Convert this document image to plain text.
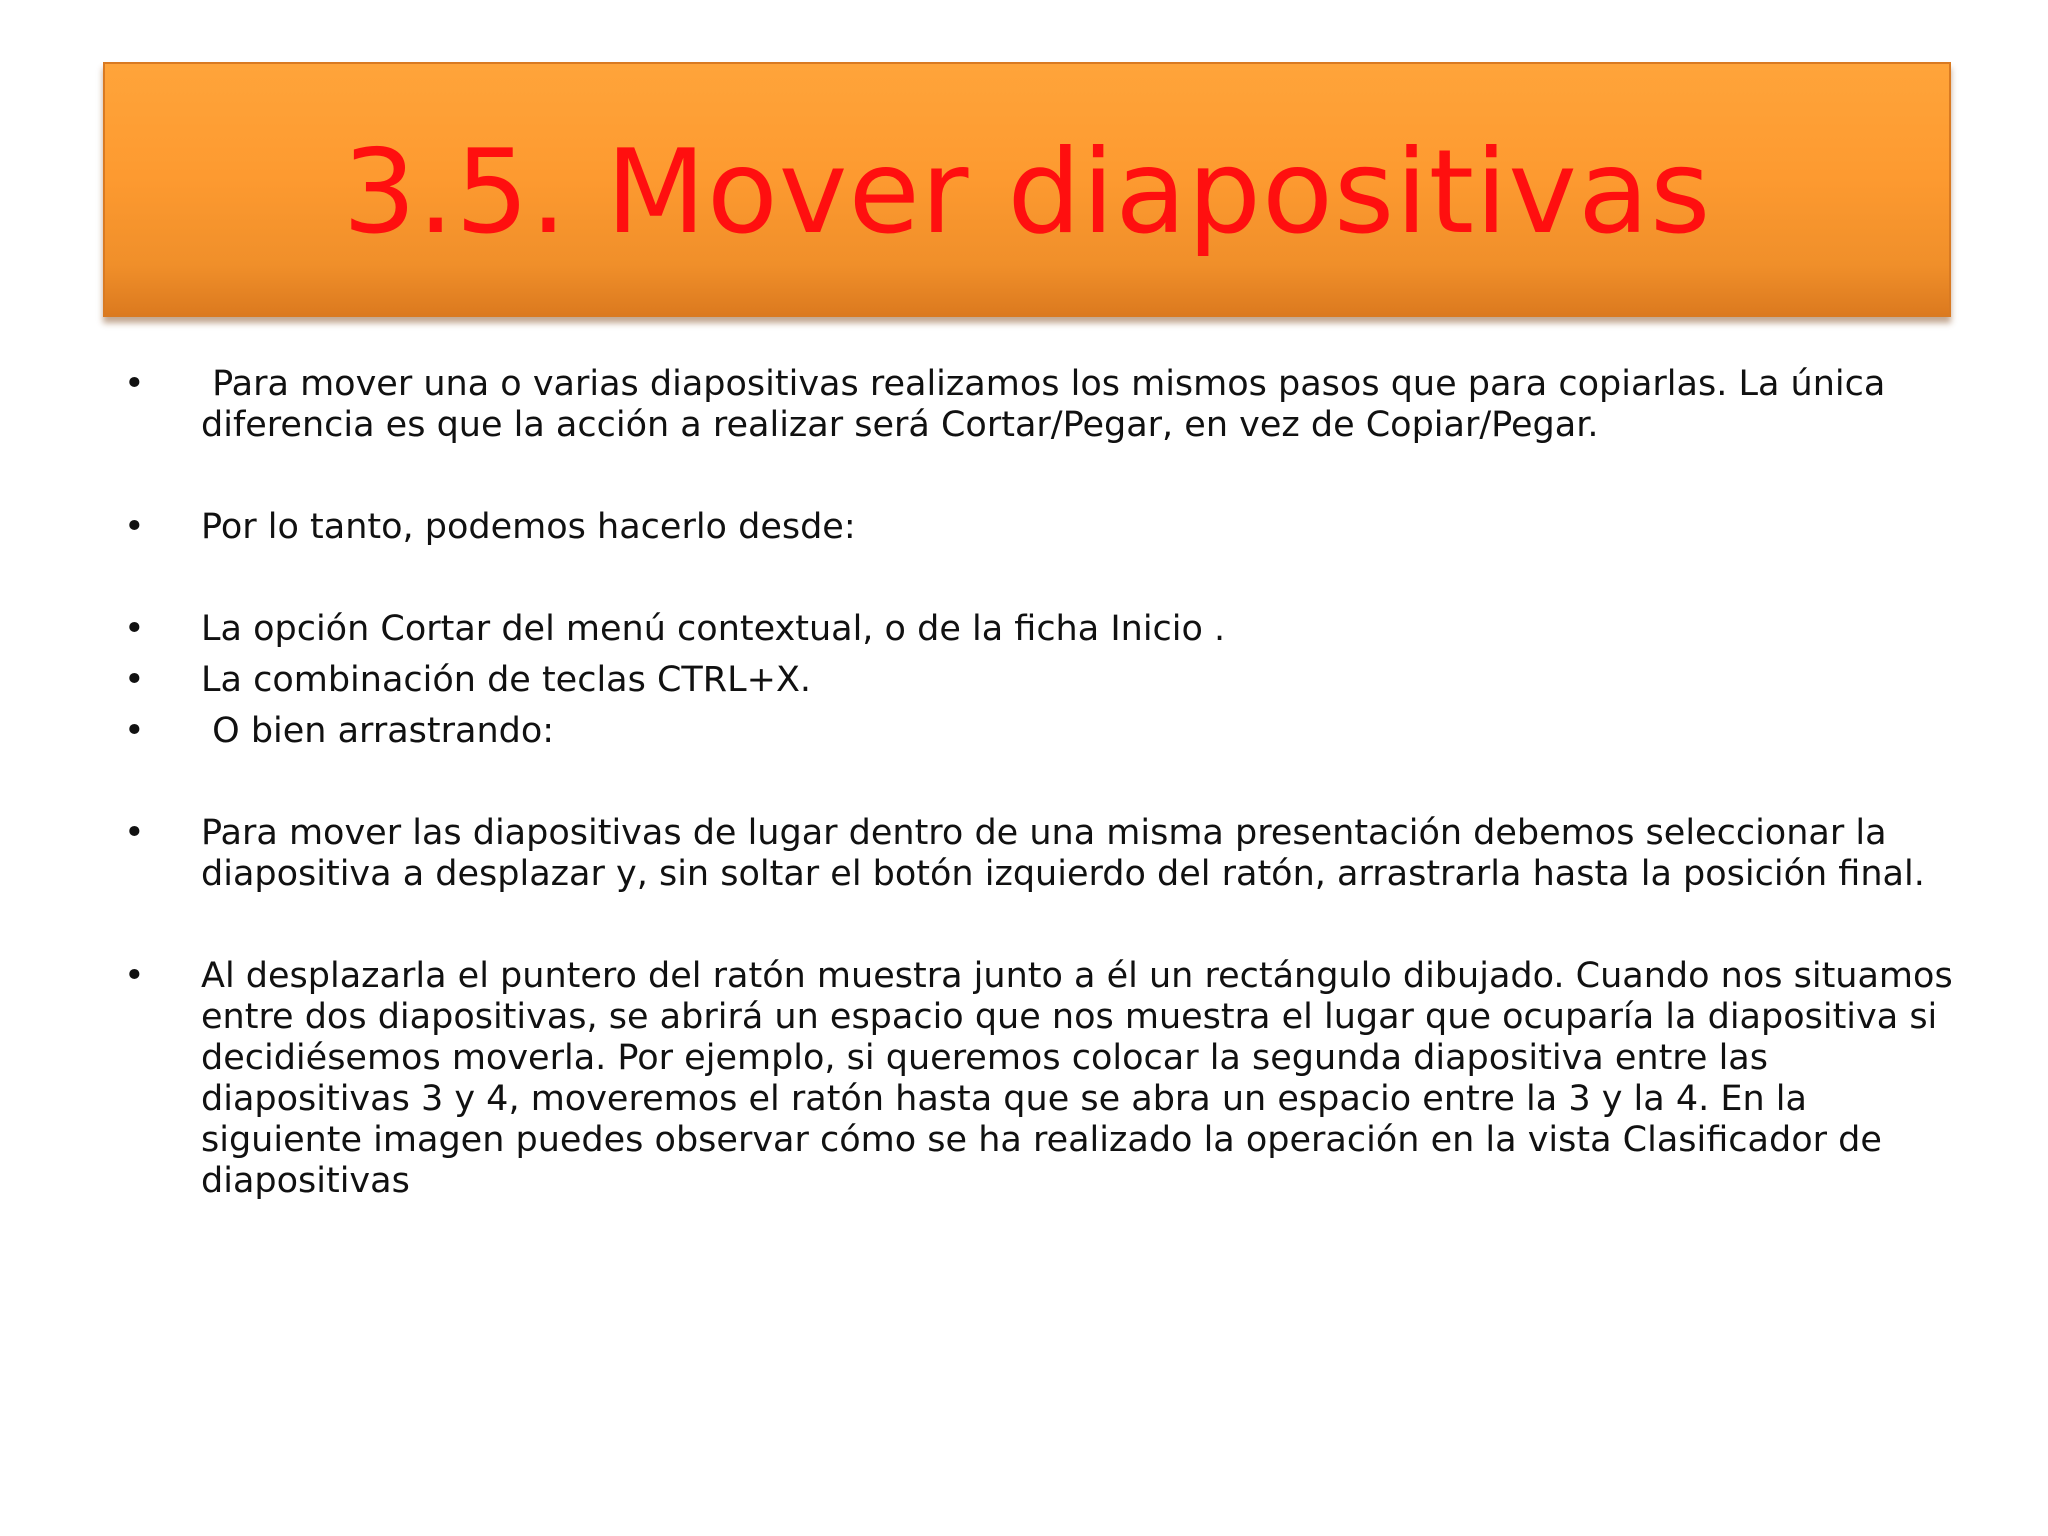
3.5. Mover diapositivas
•	Para mover una o varias diapositivas realizamos los mismos pasos que para copiarlas. La única diferencia es que la acción a realizar será Cortar/Pegar, en vez de Copiar/Pegar.
•	Por lo tanto, podemos hacerlo desde:
•	La opción Cortar del menú contextual, o de la ficha Inicio .
•	La combinación de teclas CTRL+X.
•	O bien arrastrando:
•	Para mover las diapositivas de lugar dentro de una misma presentación debemos seleccionar la diapositiva a desplazar y, sin soltar el botón izquierdo del ratón, arrastrarla hasta la posición final.
•	Al desplazarla el puntero del ratón muestra junto a él un rectángulo dibujado. Cuando nos situamos entre dos diapositivas, se abrirá un espacio que nos muestra el lugar que ocuparía la diapositiva si decidiésemos moverla. Por ejemplo, si queremos colocar la segunda diapositiva entre las diapositivas 3 y 4, moveremos el ratón hasta que se abra un espacio entre la 3 y la 4. En la siguiente imagen puedes observar cómo se ha realizado la operación en la vista Clasificador de diapositivas
